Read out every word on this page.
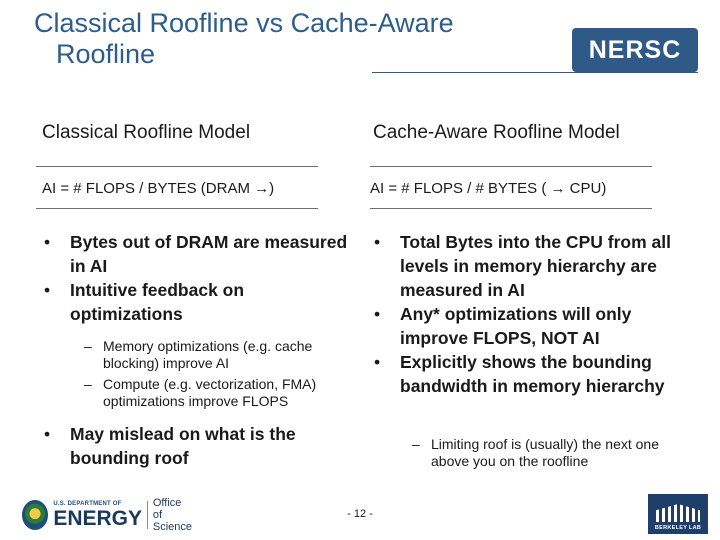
Classical Roofline vs Cache-Aware
Roofline	NERSC
Classical Roofline Model
AI = # FLOPS / BYTES (DRAM →)
• Bytes out of DRAM are measured in AI
• Intuitive feedback on optimizations
– Memory optimizations (e.g. cache blocking) improve AI
– Compute (e.g. vectorization, FMA) optimizations improve FLOPS
• May mislead on what is the bounding roof
Cache-Aware Roofline Model
AI = # FLOPS / # BYTES ( → CPU)
• Total Bytes into the CPU from all levels in memory hierarchy are measured in AI
• Any* optimizations will only improve FLOPS, NOT AI
• Explicitly shows the bounding bandwidth in memory hierarchy
– Limiting roof is (usually) the next one above you on the roofline
U.S. DEPARTMENT OF
ENERGY
Office of
Science
- 12 -
BERKELEY LAB
